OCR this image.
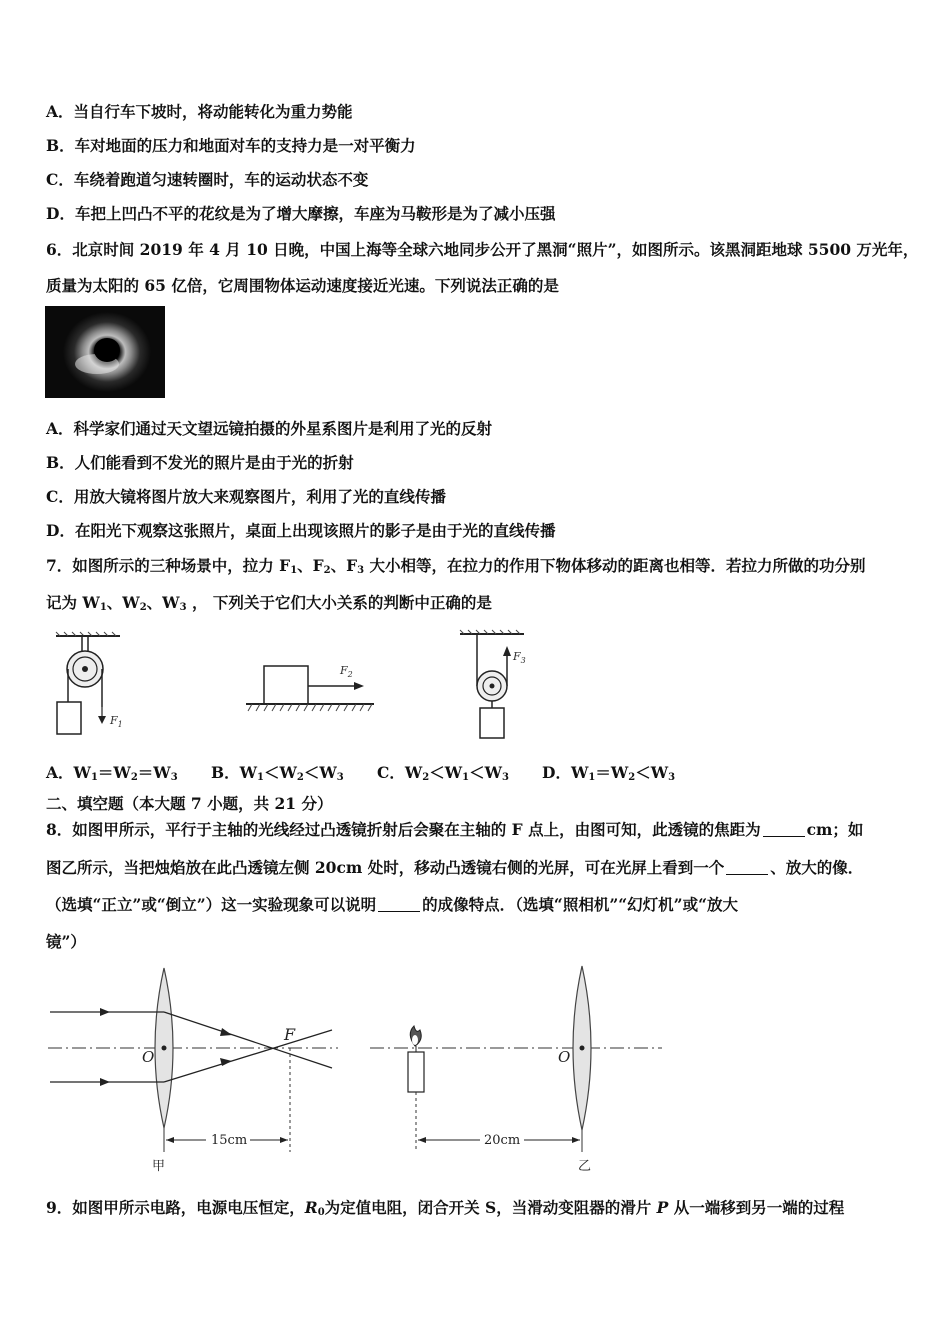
A．当自行车下坡时，将动能转化为重力势能
B．车对地面的压力和地面对车的支持力是一对平衡力
C．车绕着跑道匀速转圈时，车的运动状态不变
D．车把上凹凸不平的花纹是为了增大摩擦，车座为马鞍形是为了减小压强
6．北京时间 2019 年 4 月 10 日晚，中国上海等全球六地同步公开了黑洞“照片”，如图所示。该黑洞距地球 5500 万光年，
质量为太阳的 65 亿倍，它周围物体运动速度接近光速。下列说法正确的是
A．科学家们通过天文望远镜拍摄的外星系图片是利用了光的反射
B．人们能看到不发光的照片是由于光的折射
C．用放大镜将图片放大来观察图片，利用了光的直线传播
D．在阳光下观察这张照片，桌面上出现该照片的影子是由于光的直线传播
7．如图所示的三种场景中，拉力 $F_1$、$F_2$、$F_3$ 大小相等，在拉力的作用下物体移动的距离也相等．若拉力所做的功分别
记为 $W_1$、$W_2$、$W_3$ ， 下列关于它们大小关系的判断中正确的是
$F_1$
$F_2$
$F_3$
A．$W_1=W_2=W_3$ B．$W_1<W_2<W_3$ C．$W_2<W_1<W_3$ D．$W_1=W_2<W_3$
二、填空题（本大题 7 小题，共 21 分）
8．如图甲所示，平行于主轴的光线经过凸透镜折射后会聚在主轴的 F 点上，由图可知，此透镜的焦距为	cm；如
图乙所示，当把烛焰放在此凸透镜左侧 20cm 处时，移动凸透镜右侧的光屏，可在光屏上看到一个	、放大的像．
（选填“正立”或“倒立”）这一实验现象可以说明	的成像特点．（选填“照相机”“幻灯机”或“放大
镜”）
O
F
15cm
甲
O
20cm
乙
9．如图甲所示电路，电源电压恒定，$R_0$为定值电阻，闭合开关 S，当滑动变阻器的滑片 P 从一端移到另一端的过程
